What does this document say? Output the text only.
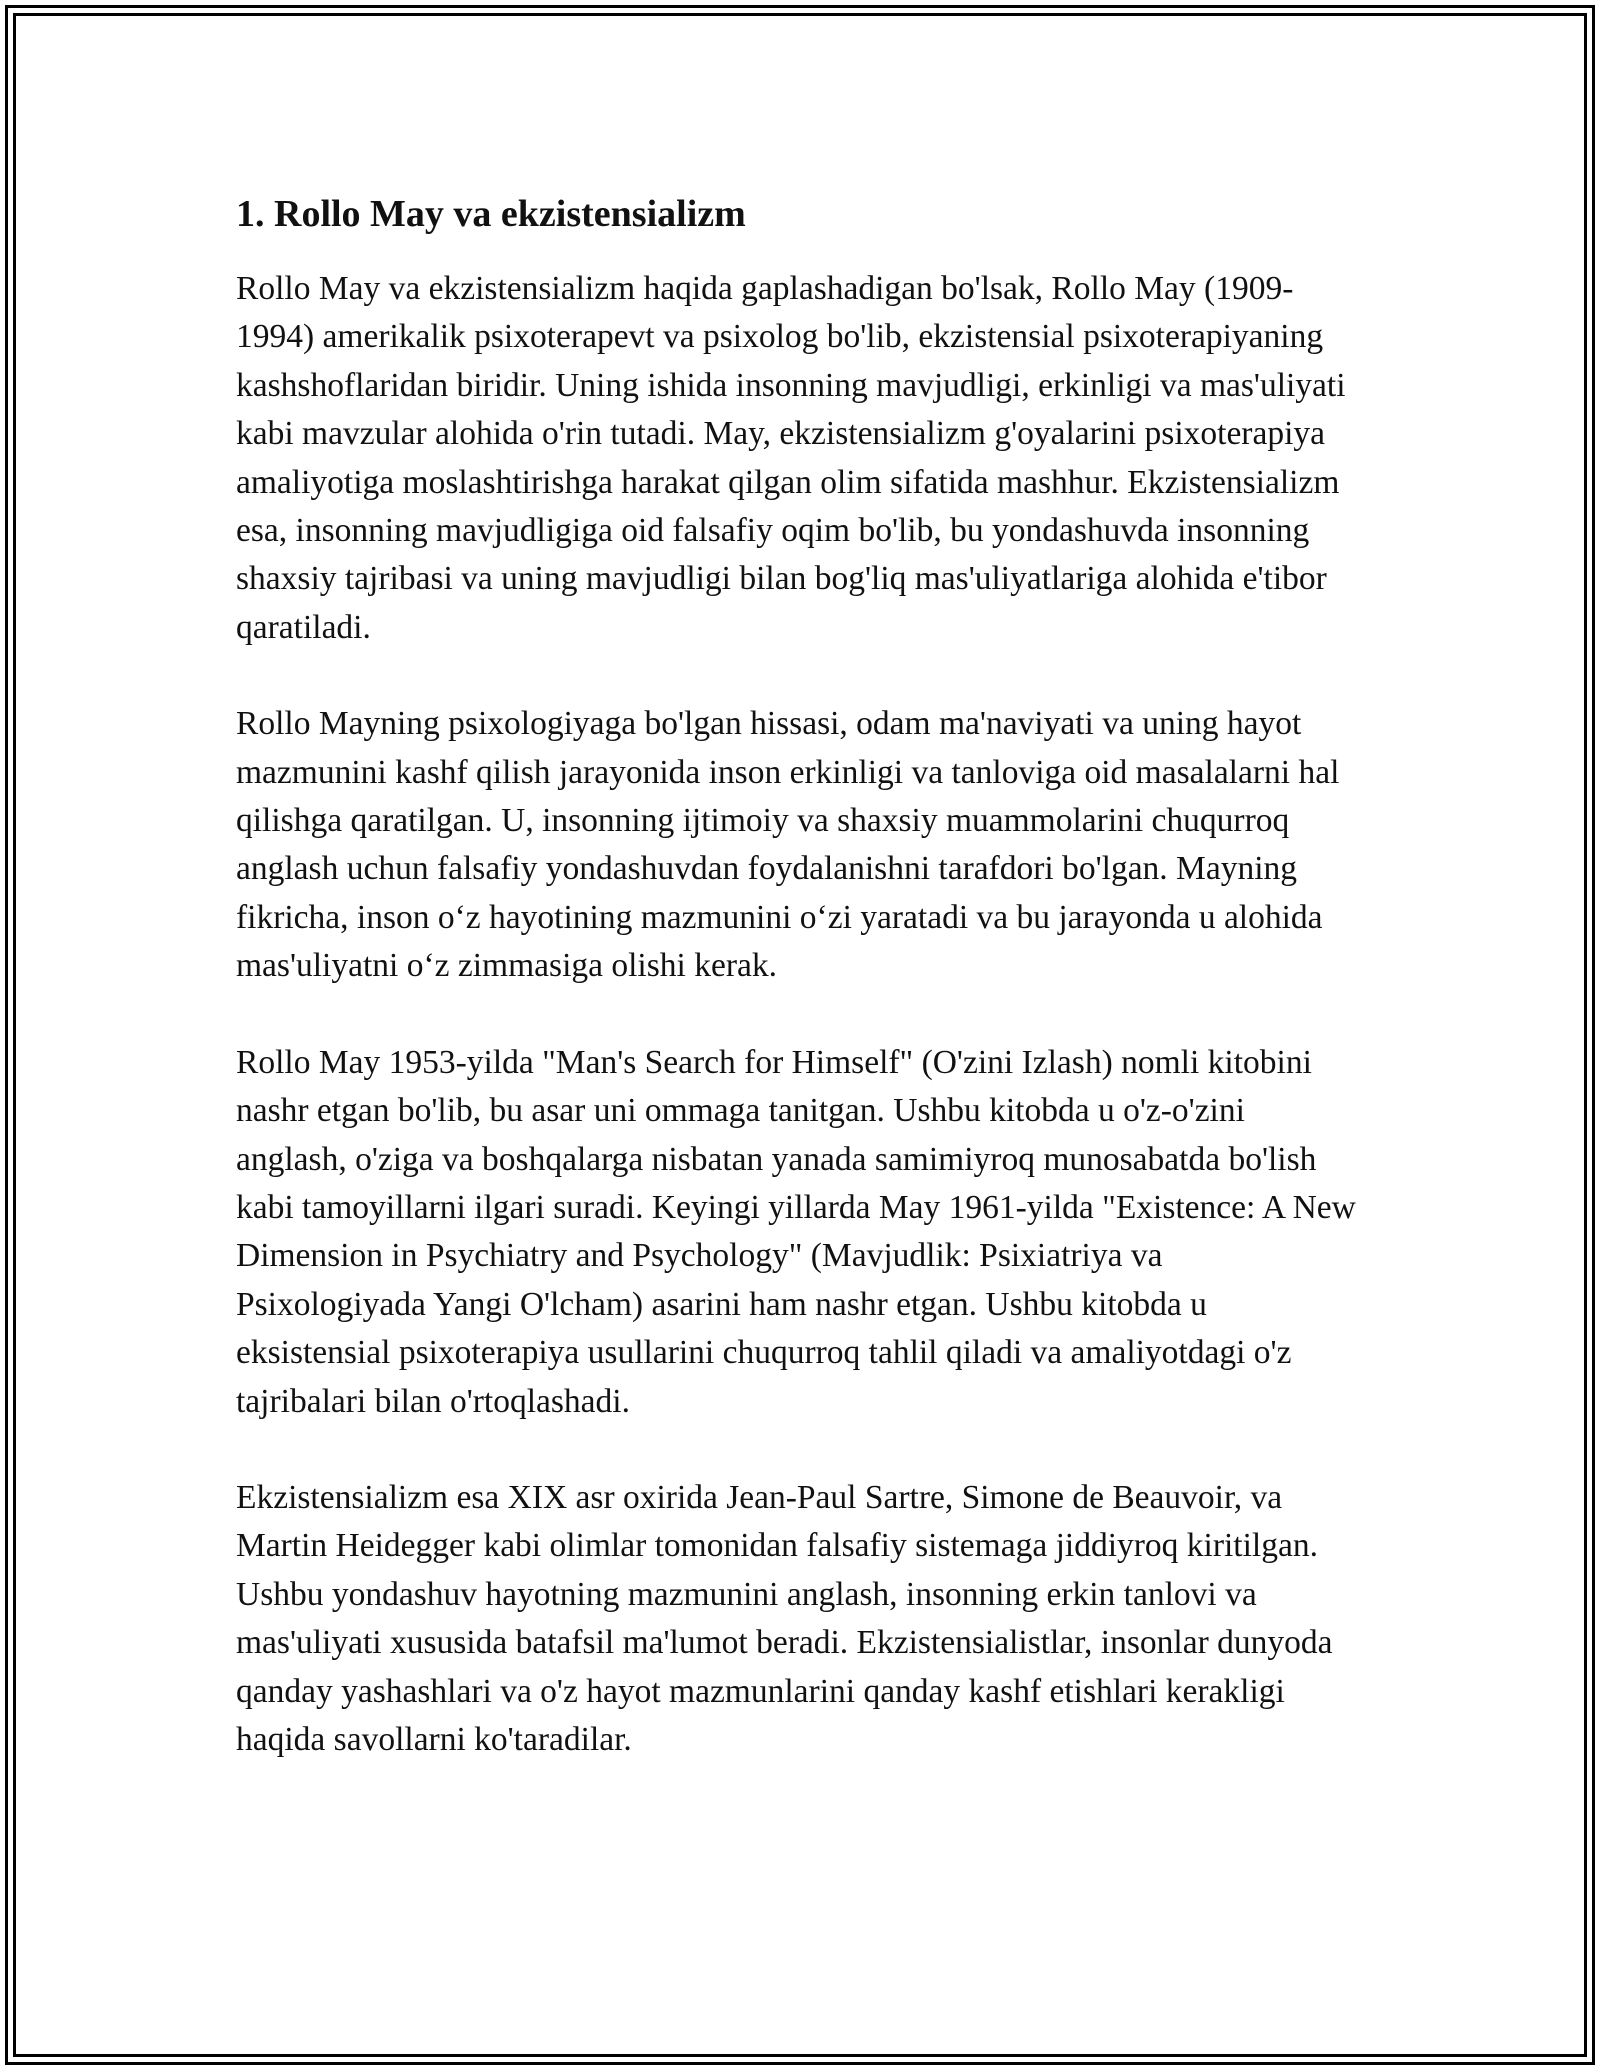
1. Rollo May va ekzistensializm

Rollo May va ekzistensializm haqida gaplashadigan bo'lsak, Rollo May (1909-1994) amerikalik psixoterapevt va psixolog bo'lib, ekzistensial psixoterapiyaning kashshoflaridan biridir. Uning ishida insonning mavjudligi, erkinligi va mas'uliyati kabi mavzular alohida o'rin tutadi. May, ekzistensializm g'oyalarini psixoterapiya amaliyotiga moslashtirishga harakat qilgan olim sifatida mashhur. Ekzistensializm esa, insonning mavjudligiga oid falsafiy oqim bo'lib, bu yondashuvda insonning shaxsiy tajribasi va uning mavjudligi bilan bog'liq mas'uliyatlariga alohida e'tibor qaratiladi.

Rollo Mayning psixologiyaga bo'lgan hissasi, odam ma'naviyati va uning hayot mazmunini kashf qilish jarayonida inson erkinligi va tanloviga oid masalalarni hal qilishga qaratilgan. U, insonning ijtimoiy va shaxsiy muammolarini chuqurroq anglash uchun falsafiy yondashuvdan foydalanishni tarafdori bo'lgan. Mayning fikricha, inson o‘z hayotining mazmunini o‘zi yaratadi va bu jarayonda u alohida mas'uliyatni o‘z zimmasiga olishi kerak.

Rollo May 1953-yilda "Man's Search for Himself" (O'zini Izlash) nomli kitobini nashr etgan bo'lib, bu asar uni ommaga tanitgan. Ushbu kitobda u o'z-o'zini anglash, o'ziga va boshqalarga nisbatan yanada samimiyroq munosabatda bo'lish kabi tamoyillarni ilgari suradi. Keyingi yillarda May 1961-yilda "Existence: A New Dimension in Psychiatry and Psychology" (Mavjudlik: Psixiatriya va Psixologiyada Yangi O'lcham) asarini ham nashr etgan. Ushbu kitobda u eksistensial psixoterapiya usullarini chuqurroq tahlil qiladi va amaliyotdagi o'z tajribalari bilan o'rtoqlashadi.

Ekzistensializm esa XIX asr oxirida Jean-Paul Sartre, Simone de Beauvoir, va Martin Heidegger kabi olimlar tomonidan falsafiy sistemaga jiddiyroq kiritilgan. Ushbu yondashuv hayotning mazmunini anglash, insonning erkin tanlovi va mas'uliyati xususida batafsil ma'lumot beradi. Ekzistensialistlar, insonlar dunyoda qanday yashashlari va o'z hayot mazmunlarini qanday kashf etishlari kerakligi haqida savollarni ko'taradilar.
